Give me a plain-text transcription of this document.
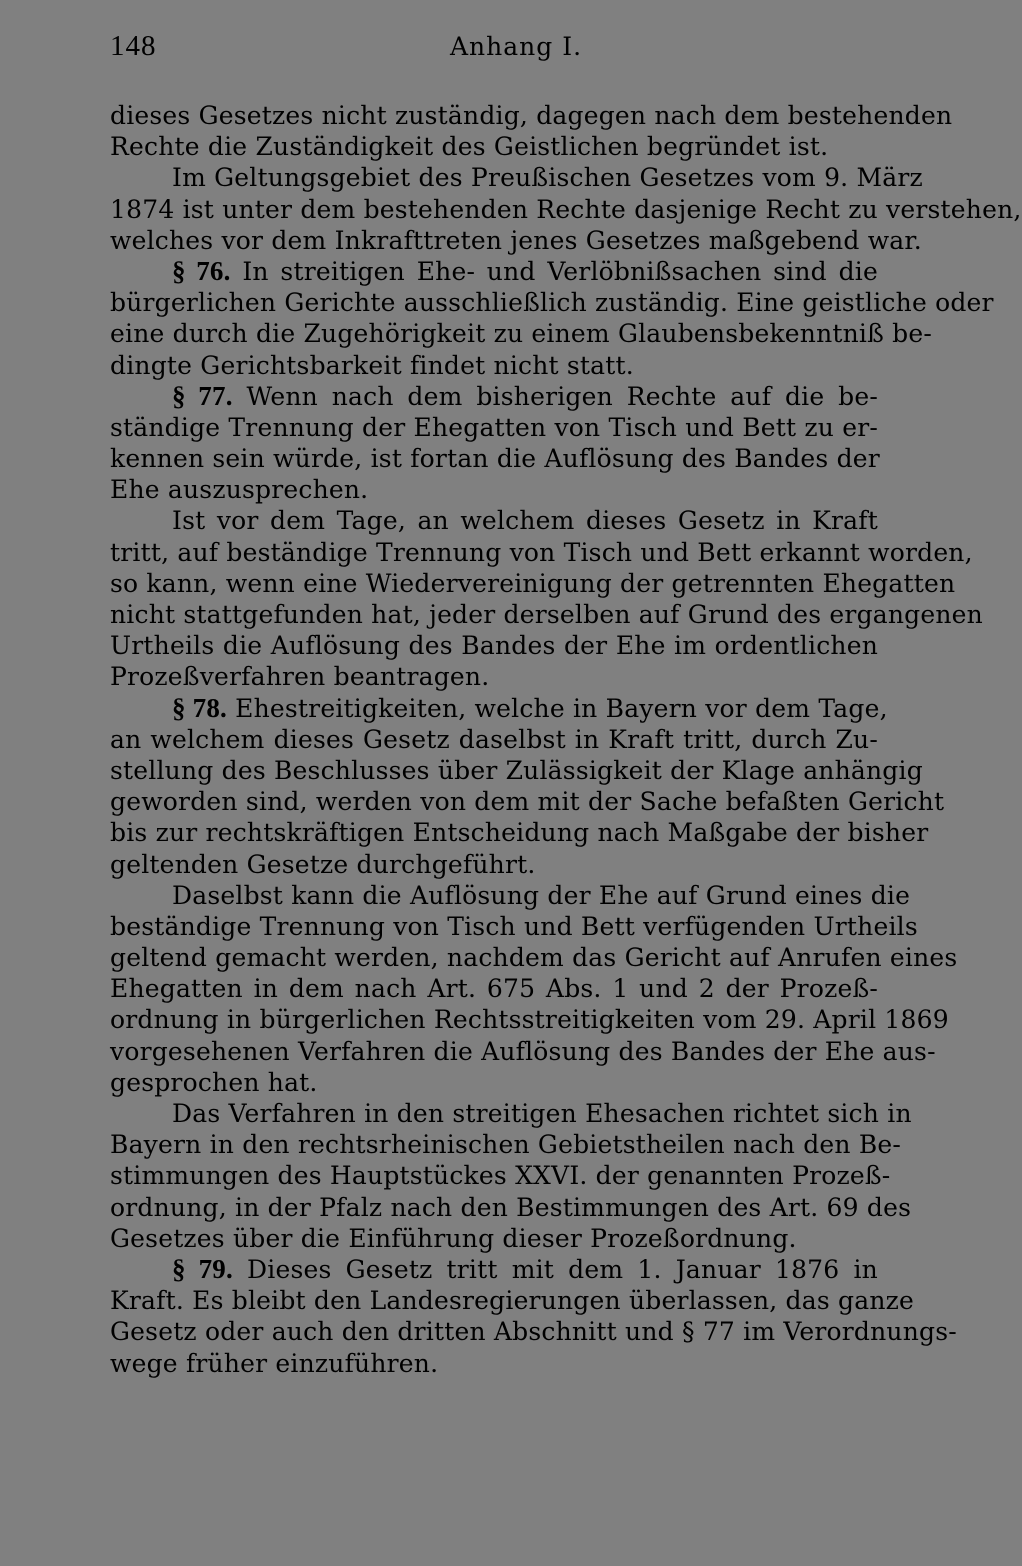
148	Anhang I.
dieses Gesetzes nicht zuständig, dagegen nach dem bestehenden
Rechte die Zuständigkeit des Geistlichen begründet ist.
Im Geltungsgebiet des Preußischen Gesetzes vom 9. März
1874 ist unter dem bestehenden Rechte dasjenige Recht zu verstehen,
welches vor dem Inkrafttreten jenes Gesetzes maßgebend war.
§ 76. In streitigen Ehe- und Verlöbnißsachen sind die
bürgerlichen Gerichte ausschließlich zuständig. Eine geistliche oder
eine durch die Zugehörigkeit zu einem Glaubensbekenntniß be-
dingte Gerichtsbarkeit findet nicht statt.
§ 77. Wenn nach dem bisherigen Rechte auf die be-
ständige Trennung der Ehegatten von Tisch und Bett zu er-
kennen sein würde, ist fortan die Auflösung des Bandes der
Ehe auszusprechen.
Ist vor dem Tage, an welchem dieses Gesetz in Kraft
tritt, auf beständige Trennung von Tisch und Bett erkannt worden,
so kann, wenn eine Wiedervereinigung der getrennten Ehegatten
nicht stattgefunden hat, jeder derselben auf Grund des ergangenen
Urtheils die Auflösung des Bandes der Ehe im ordentlichen
Prozeßverfahren beantragen.
§ 78. Ehestreitigkeiten, welche in Bayern vor dem Tage,
an welchem dieses Gesetz daselbst in Kraft tritt, durch Zu-
stellung des Beschlusses über Zulässigkeit der Klage anhängig
geworden sind, werden von dem mit der Sache befaßten Gericht
bis zur rechtskräftigen Entscheidung nach Maßgabe der bisher
geltenden Gesetze durchgeführt.
Daselbst kann die Auflösung der Ehe auf Grund eines die
beständige Trennung von Tisch und Bett verfügenden Urtheils
geltend gemacht werden, nachdem das Gericht auf Anrufen eines
Ehegatten in dem nach Art. 675 Abs. 1 und 2 der Prozeß-
ordnung in bürgerlichen Rechtsstreitigkeiten vom 29. April 1869
vorgesehenen Verfahren die Auflösung des Bandes der Ehe aus-
gesprochen hat.
Das Verfahren in den streitigen Ehesachen richtet sich in
Bayern in den rechtsrheinischen Gebietstheilen nach den Be-
stimmungen des Hauptstückes XXVI. der genannten Prozeß-
ordnung, in der Pfalz nach den Bestimmungen des Art. 69 des
Gesetzes über die Einführung dieser Prozeßordnung.
§ 79. Dieses Gesetz tritt mit dem 1. Januar 1876 in
Kraft. Es bleibt den Landesregierungen überlassen, das ganze
Gesetz oder auch den dritten Abschnitt und § 77 im Verordnungs-
wege früher einzuführen.
